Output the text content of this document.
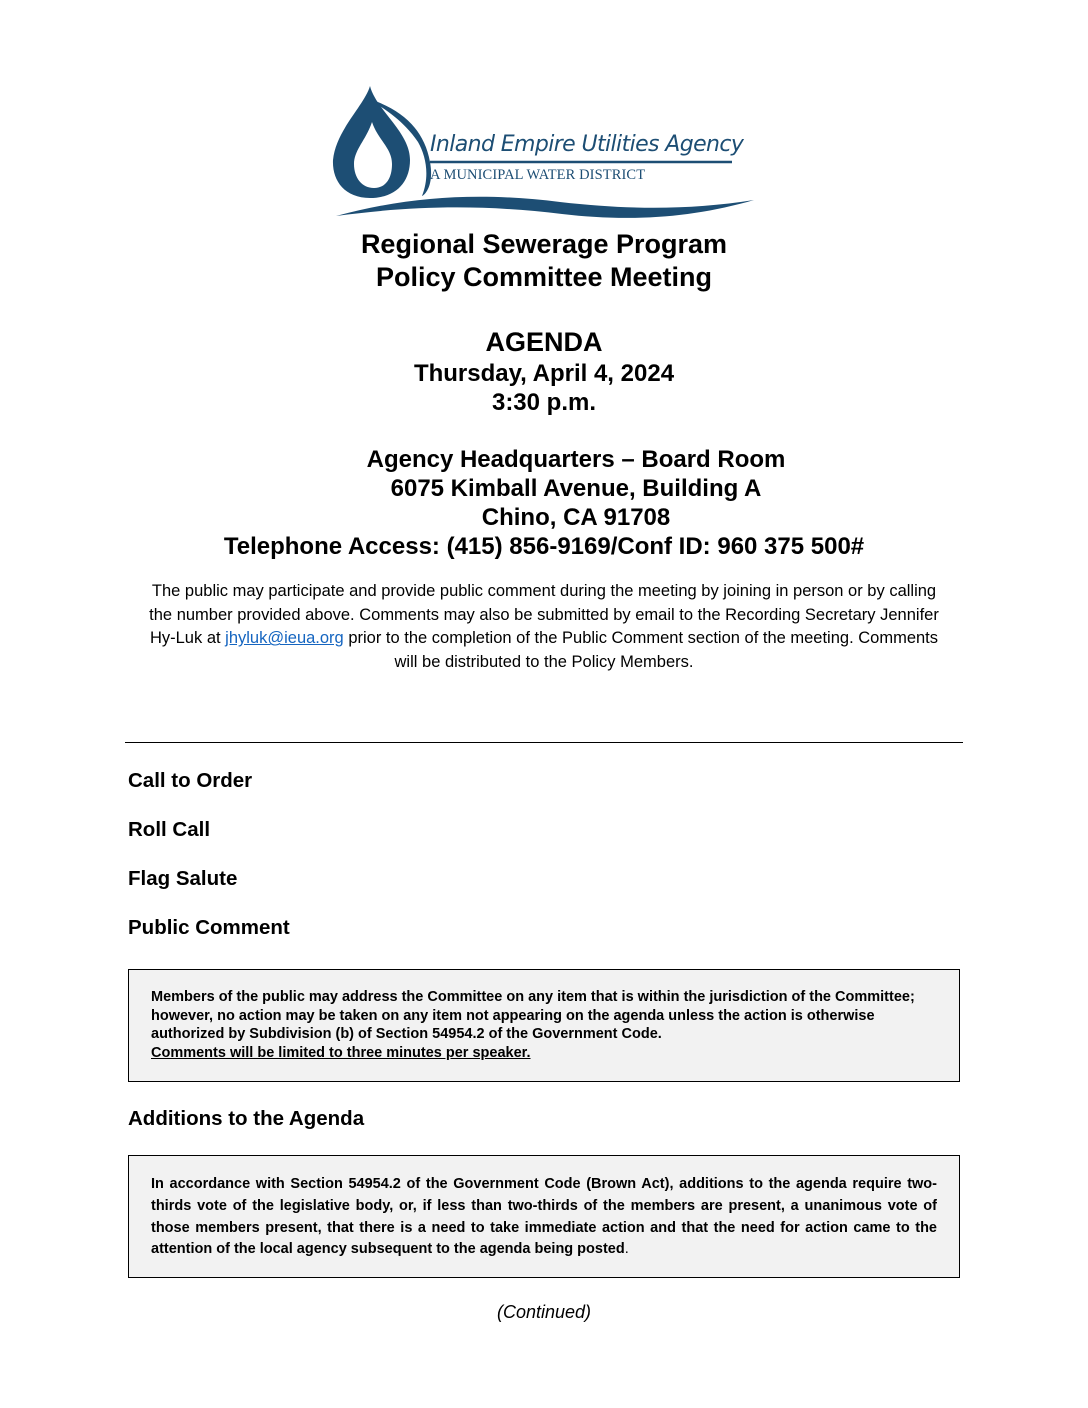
Inland Empire Utilities Agency
A MUNICIPAL WATER DISTRICT
Regional Sewerage Program
Policy Committee Meeting
AGENDA
Thursday, April 4, 2024
3:30 p.m.
Agency Headquarters – Board Room
6075 Kimball Avenue, Building A
Chino, CA 91708
Telephone Access: (415) 856-9169/Conf ID: 960 375 500#
The public may participate and provide public comment during the meeting by joining in person or by calling the number provided above. Comments may also be submitted by email to the Recording Secretary Jennifer Hy-Luk at jhyluk@ieua.org prior to the completion of the Public Comment section of the meeting. Comments will be distributed to the Policy Members.
Call to Order
Roll Call
Flag Salute
Public Comment
Members of the public may address the Committee on any item that is within the jurisdiction of the Committee; however, no action may be taken on any item not appearing on the agenda unless the action is otherwise authorized by Subdivision (b) of Section 54954.2 of the Government Code.
Comments will be limited to three minutes per speaker.
Additions to the Agenda
In accordance with Section 54954.2 of the Government Code (Brown Act), additions to the agenda require two-thirds vote of the legislative body, or, if less than two-thirds of the members are present, a unanimous vote of those members present, that there is a need to take immediate action and that the need for action came to the attention of the local agency subsequent to the agenda being posted.
(Continued)
